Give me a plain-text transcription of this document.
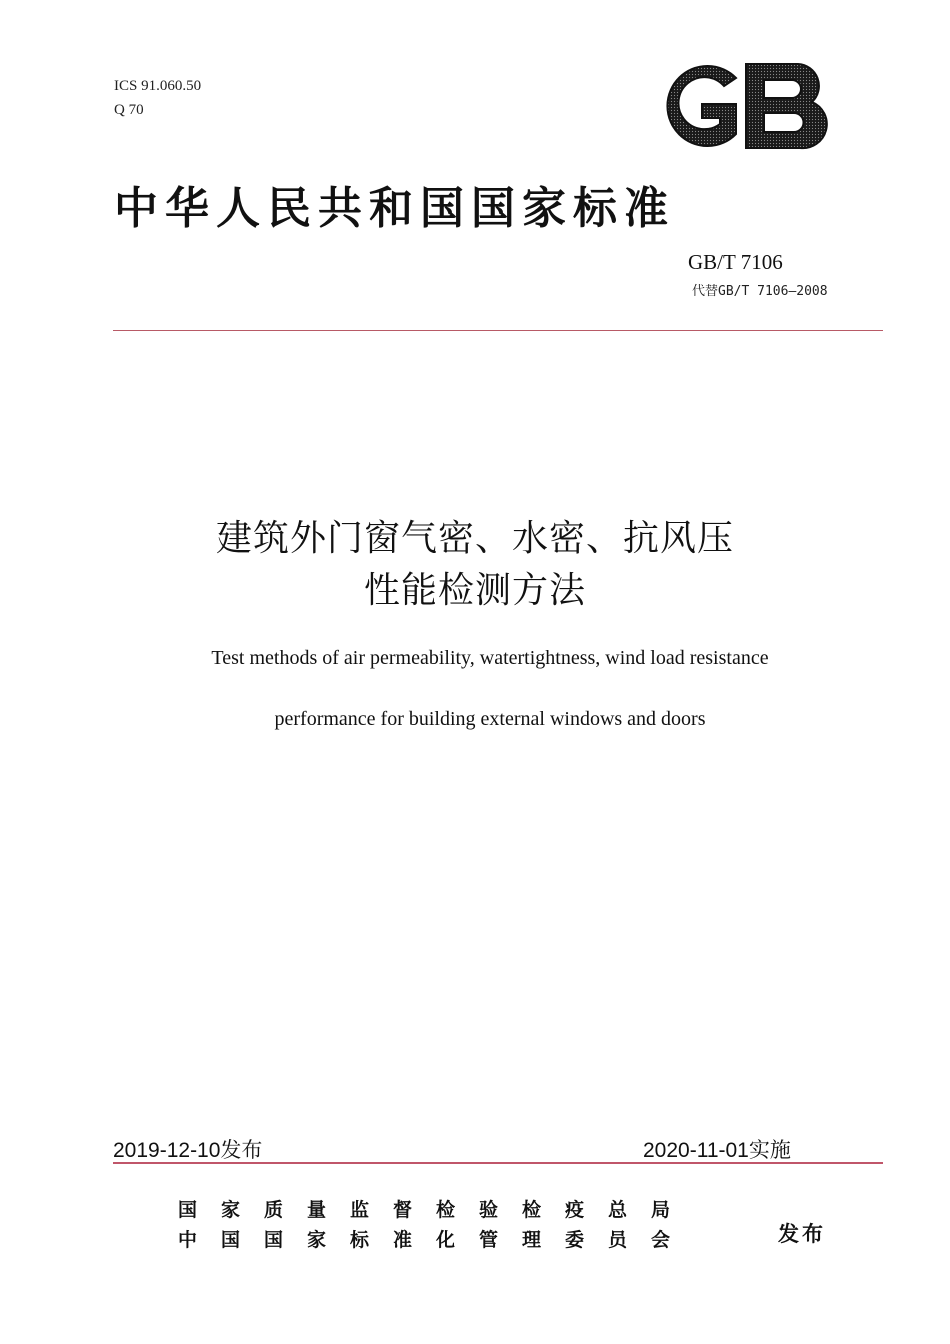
ICS 91.060.50
Q 70
中华人民共和国国家标准
GB/T 7106
代替GB/T 7106—2008
建筑外门窗气密、水密、抗风压
性能检测方法
Test methods of air permeability, watertightness, wind load resistance
performance for building external windows and doors
2019-12-10发布	2020-11-01实施
国家质量监督检验检疫总局
中国国家标准化管理委员会	发布
